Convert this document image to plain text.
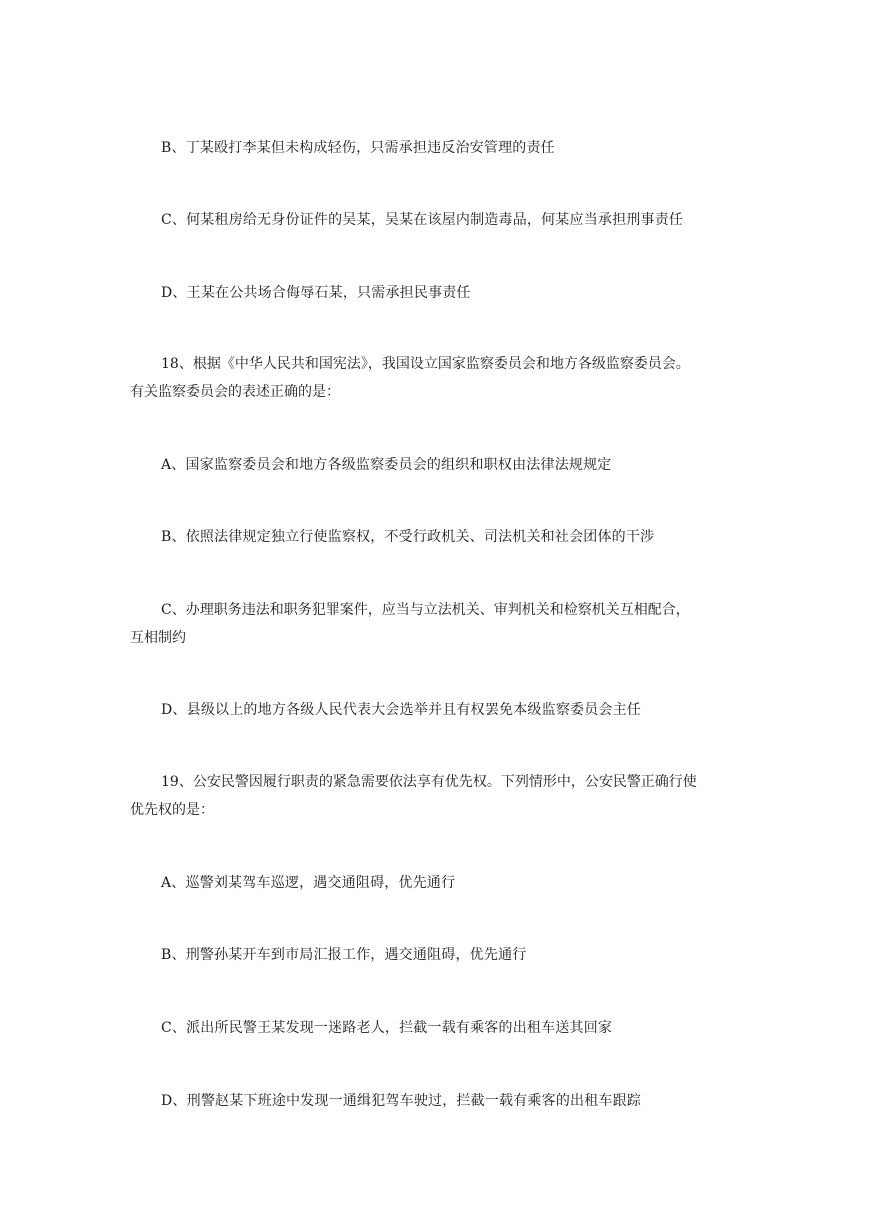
B、丁某殴打李某但未构成轻伤，只需承担违反治安管理的责任
C、何某租房给无身份证件的吴某，吴某在该屋内制造毒品，何某应当承担刑事责任
D、王某在公共场合侮辱石某，只需承担民事责任
18、根据《中华人民共和国宪法》，我国设立国家监察委员会和地方各级监察委员会。
有关监察委员会的表述正确的是：
A、国家监察委员会和地方各级监察委员会的组织和职权由法律法规规定
B、依照法律规定独立行使监察权，不受行政机关、司法机关和社会团体的干涉
C、办理职务违法和职务犯罪案件，应当与立法机关、审判机关和检察机关互相配合，
互相制约
D、县级以上的地方各级人民代表大会选举并且有权罢免本级监察委员会主任
19、公安民警因履行职责的紧急需要依法享有优先权。下列情形中，公安民警正确行使
优先权的是：
A、巡警刘某驾车巡逻，遇交通阻碍，优先通行
B、刑警孙某开车到市局汇报工作，遇交通阻碍，优先通行
C、派出所民警王某发现一迷路老人，拦截一载有乘客的出租车送其回家
D、刑警赵某下班途中发现一通缉犯驾车驶过，拦截一载有乘客的出租车跟踪
